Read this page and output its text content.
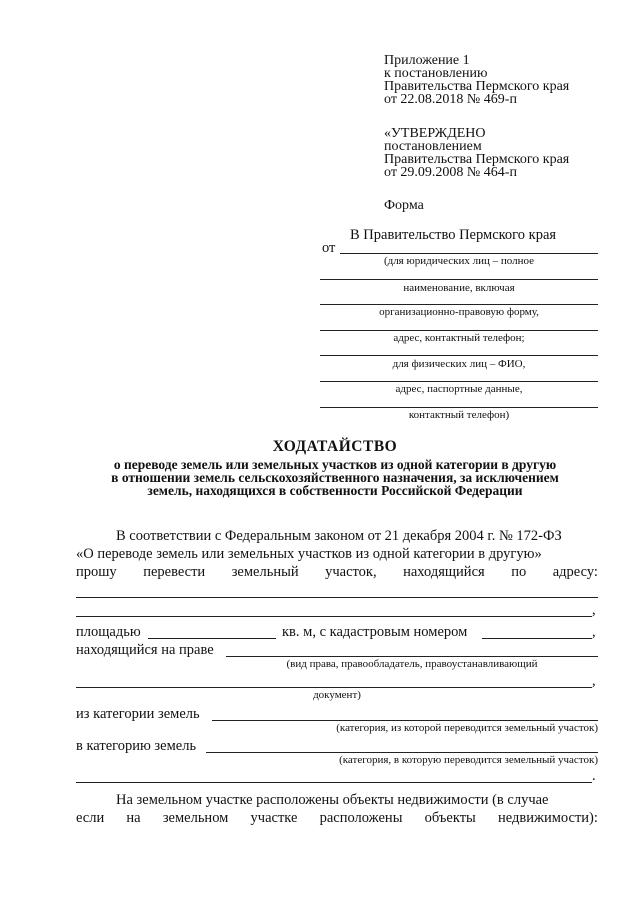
Приложение 1
к постановлению
Правительства Пермского края
от 22.08.2018 № 469-п
«УТВЕРЖДЕНО
постановлением
Правительства Пермского края
от 29.09.2008 № 464-п
Форма
В Правительство Пермского края
от
(для юридических лиц – полное
наименование, включая
организационно-правовую форму,
адрес, контактный телефон;
для физических лиц – ФИО,
адрес, паспортные данные,
контактный телефон)
ХОДАТАЙСТВО
о переводе земель или земельных участков из одной категории в другую
в отношении земель сельскохозяйственного назначения, за исключением
земель, находящихся в собственности Российской Федерации
В соответствии с Федеральным законом от 21 декабря 2004 г. № 172-ФЗ
«О переводе земель или земельных участков из одной категории в другую»
прошу перевести земельный участок, находящийся по адресу:
,
площадью	кв. м, с кадастровым номером	,
находящийся на праве
(вид права, правообладатель, правоустанавливающий
,
документ)
из категории земель
(категория, из которой переводится земельный участок)
в категорию земель
(категория, в которую переводится земельный участок)
.
На земельном участке расположены объекты недвижимости (в случае
если на земельном участке расположены объекты недвижимости):
